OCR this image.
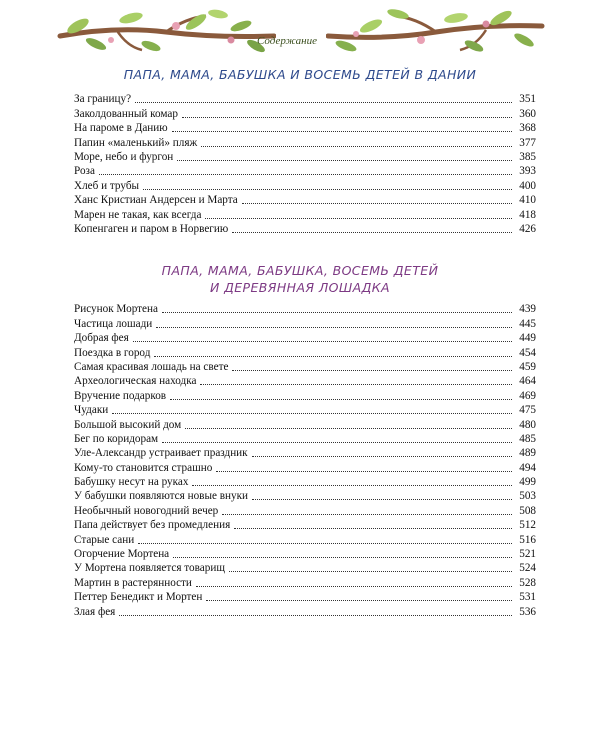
Содержание
ПАПА, МАМА, БАБУШКА И ВОСЕМЬ ДЕТЕЙ В ДАНИИ
За границу?	351
Заколдованный комар	360
На пароме в Данию	368
Папин «маленький» пляж	377
Море, небо и фургон	385
Роза	393
Хлеб и трубы	400
Ханс Кристиан Андерсен и Марта	410
Марен не такая, как всегда	418
Копенгаген и паром в Норвегию	426
ПАПА, МАМА, БАБУШКА, ВОСЕМЬ ДЕТЕЙ
И ДЕРЕВЯННАЯ ЛОШАДКА
Рисунок Мортена	439
Частица лошади	445
Добрая фея	449
Поездка в город	454
Самая красивая лошадь на свете	459
Археологическая находка	464
Вручение подарков	469
Чудаки	475
Большой высокий дом	480
Бег по коридорам	485
Уле-Александр устраивает праздник	489
Кому-то становится страшно	494
Бабушку несут на руках	499
У бабушки появляются новые внуки	503
Необычный новогодний вечер	508
Папа действует без промедления	512
Старые сани	516
Огорчение Мортена	521
У Мортена появляется товарищ	524
Мартин в растерянности	528
Петтер Бенедикт и Мортен	531
Злая фея	536
